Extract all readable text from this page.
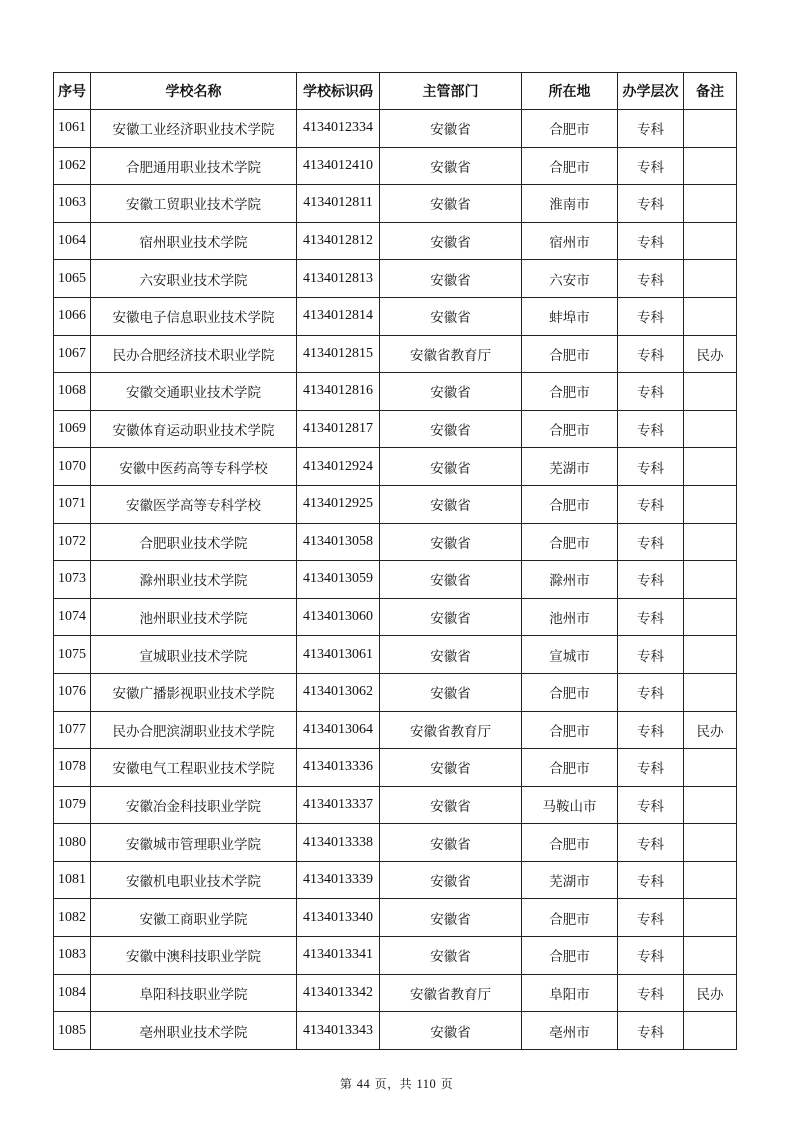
序号	学校名称	学校标识码	主管部门	所在地	办学层次	备注
1061	安徽工业经济职业技术学院	4134012334	安徽省	合肥市	专科	
1062	合肥通用职业技术学院	4134012410	安徽省	合肥市	专科	
1063	安徽工贸职业技术学院	4134012811	安徽省	淮南市	专科	
1064	宿州职业技术学院	4134012812	安徽省	宿州市	专科	
1065	六安职业技术学院	4134012813	安徽省	六安市	专科	
1066	安徽电子信息职业技术学院	4134012814	安徽省	蚌埠市	专科	
1067	民办合肥经济技术职业学院	4134012815	安徽省教育厅	合肥市	专科	民办
1068	安徽交通职业技术学院	4134012816	安徽省	合肥市	专科	
1069	安徽体育运动职业技术学院	4134012817	安徽省	合肥市	专科	
1070	安徽中医药高等专科学校	4134012924	安徽省	芜湖市	专科	
1071	安徽医学高等专科学校	4134012925	安徽省	合肥市	专科	
1072	合肥职业技术学院	4134013058	安徽省	合肥市	专科	
1073	滁州职业技术学院	4134013059	安徽省	滁州市	专科	
1074	池州职业技术学院	4134013060	安徽省	池州市	专科	
1075	宣城职业技术学院	4134013061	安徽省	宣城市	专科	
1076	安徽广播影视职业技术学院	4134013062	安徽省	合肥市	专科	
1077	民办合肥滨湖职业技术学院	4134013064	安徽省教育厅	合肥市	专科	民办
1078	安徽电气工程职业技术学院	4134013336	安徽省	合肥市	专科	
1079	安徽冶金科技职业学院	4134013337	安徽省	马鞍山市	专科	
1080	安徽城市管理职业学院	4134013338	安徽省	合肥市	专科	
1081	安徽机电职业技术学院	4134013339	安徽省	芜湖市	专科	
1082	安徽工商职业学院	4134013340	安徽省	合肥市	专科	
1083	安徽中澳科技职业学院	4134013341	安徽省	合肥市	专科	
1084	阜阳科技职业学院	4134013342	安徽省教育厅	阜阳市	专科	民办
1085	亳州职业技术学院	4134013343	安徽省	亳州市	专科	
第 44 页，共 110 页
